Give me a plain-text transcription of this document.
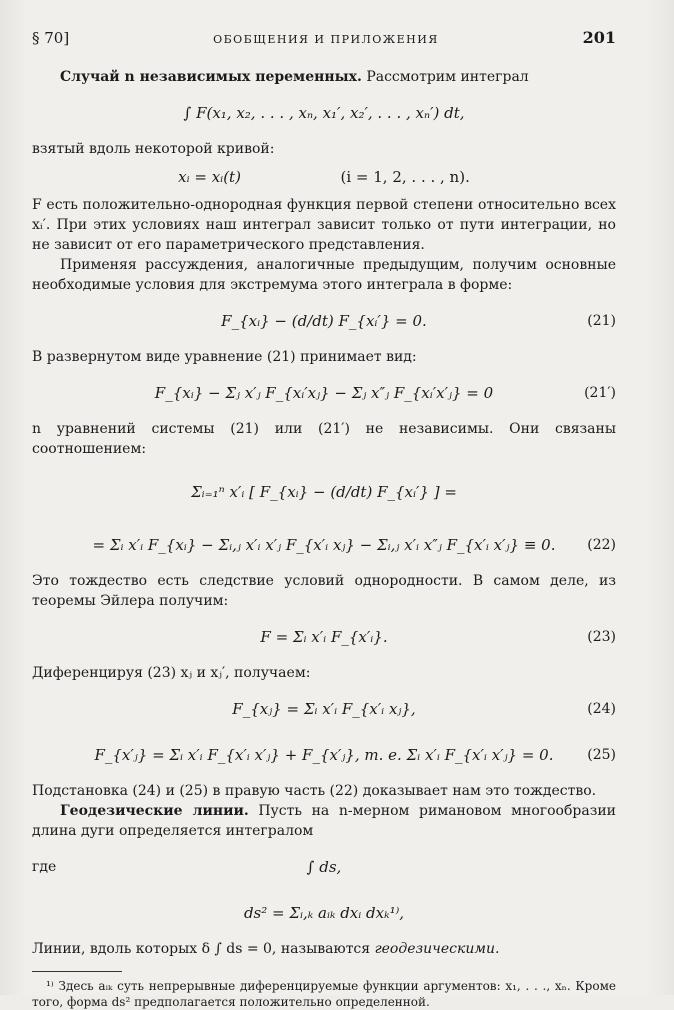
§ 70]	ОБОБЩЕНИЯ И ПРИЛОЖЕНИЯ	201

Случай n независимых переменных. Рассмотрим интеграл

∫ F(x₁, x₂, . . . , xₙ, x₁′, x₂′, . . . , xₙ′) dt,

взятый вдоль некоторой кривой:

xᵢ = xᵢ(t)	(i = 1, 2, . . . , n).

F есть положительно-однородная функция первой степени относительно всех xᵢ′. При этих условиях наш интеграл зависит только от пути интеграции, но не зависит от его параметрического представления.

Применяя рассуждения, аналогичные предыдущим, получим основные необходимые условия для экстремума этого интеграла в форме:

F_{xᵢ} − (d/dt) F_{xᵢ′} = 0.	(21)

В развернутом виде уравнение (21) принимает вид:

F_{xᵢ} − Σⱼ x′ⱼ F_{xᵢ′xⱼ} − Σⱼ x″ⱼ F_{xᵢ′x′ⱼ} = 0	(21′)

n уравнений системы (21) или (21′) не независимы. Они связаны соотношением:

Σᵢ₌₁ⁿ x′ᵢ [ F_{xᵢ} − (d/dt) F_{xᵢ′} ] =
= Σᵢ x′ᵢ F_{xᵢ} − Σᵢ,ⱼ x′ᵢ x′ⱼ F_{x′ᵢ xⱼ} − Σᵢ,ⱼ x′ᵢ x″ⱼ F_{x′ᵢ x′ⱼ} ≡ 0. (22)

Это тождество есть следствие условий однородности. В самом деле, из теоремы Эйлера получим:

F = Σᵢ x′ᵢ F_{x′ᵢ}.	(23)

Диференцируя (23) xⱼ и xⱼ′, получаем:

F_{xⱼ} = Σᵢ x′ᵢ F_{x′ᵢ xⱼ},	(24)
F_{x′ⱼ} = Σᵢ x′ᵢ F_{x′ᵢ x′ⱼ} + F_{x′ⱼ}, т. е. Σᵢ x′ᵢ F_{x′ᵢ x′ⱼ} = 0. (25)

Подстановка (24) и (25) в правую часть (22) доказывает нам это тождество.

Геодезические линии. Пусть на n-мерном римановом многообразии длина дуги определяется интегралом

где	∫ ds,
ds² = Σᵢ,ₖ aᵢₖ dxᵢ dxₖ¹⁾,

Линии, вдоль которых δ ∫ ds = 0, называются геодезическими.

¹⁾ Здесь aᵢₖ суть непрерывные диференцируемые функции аргументов: x₁, . . ., xₙ. Кроме того, форма ds² предполагается положительно определенной.
